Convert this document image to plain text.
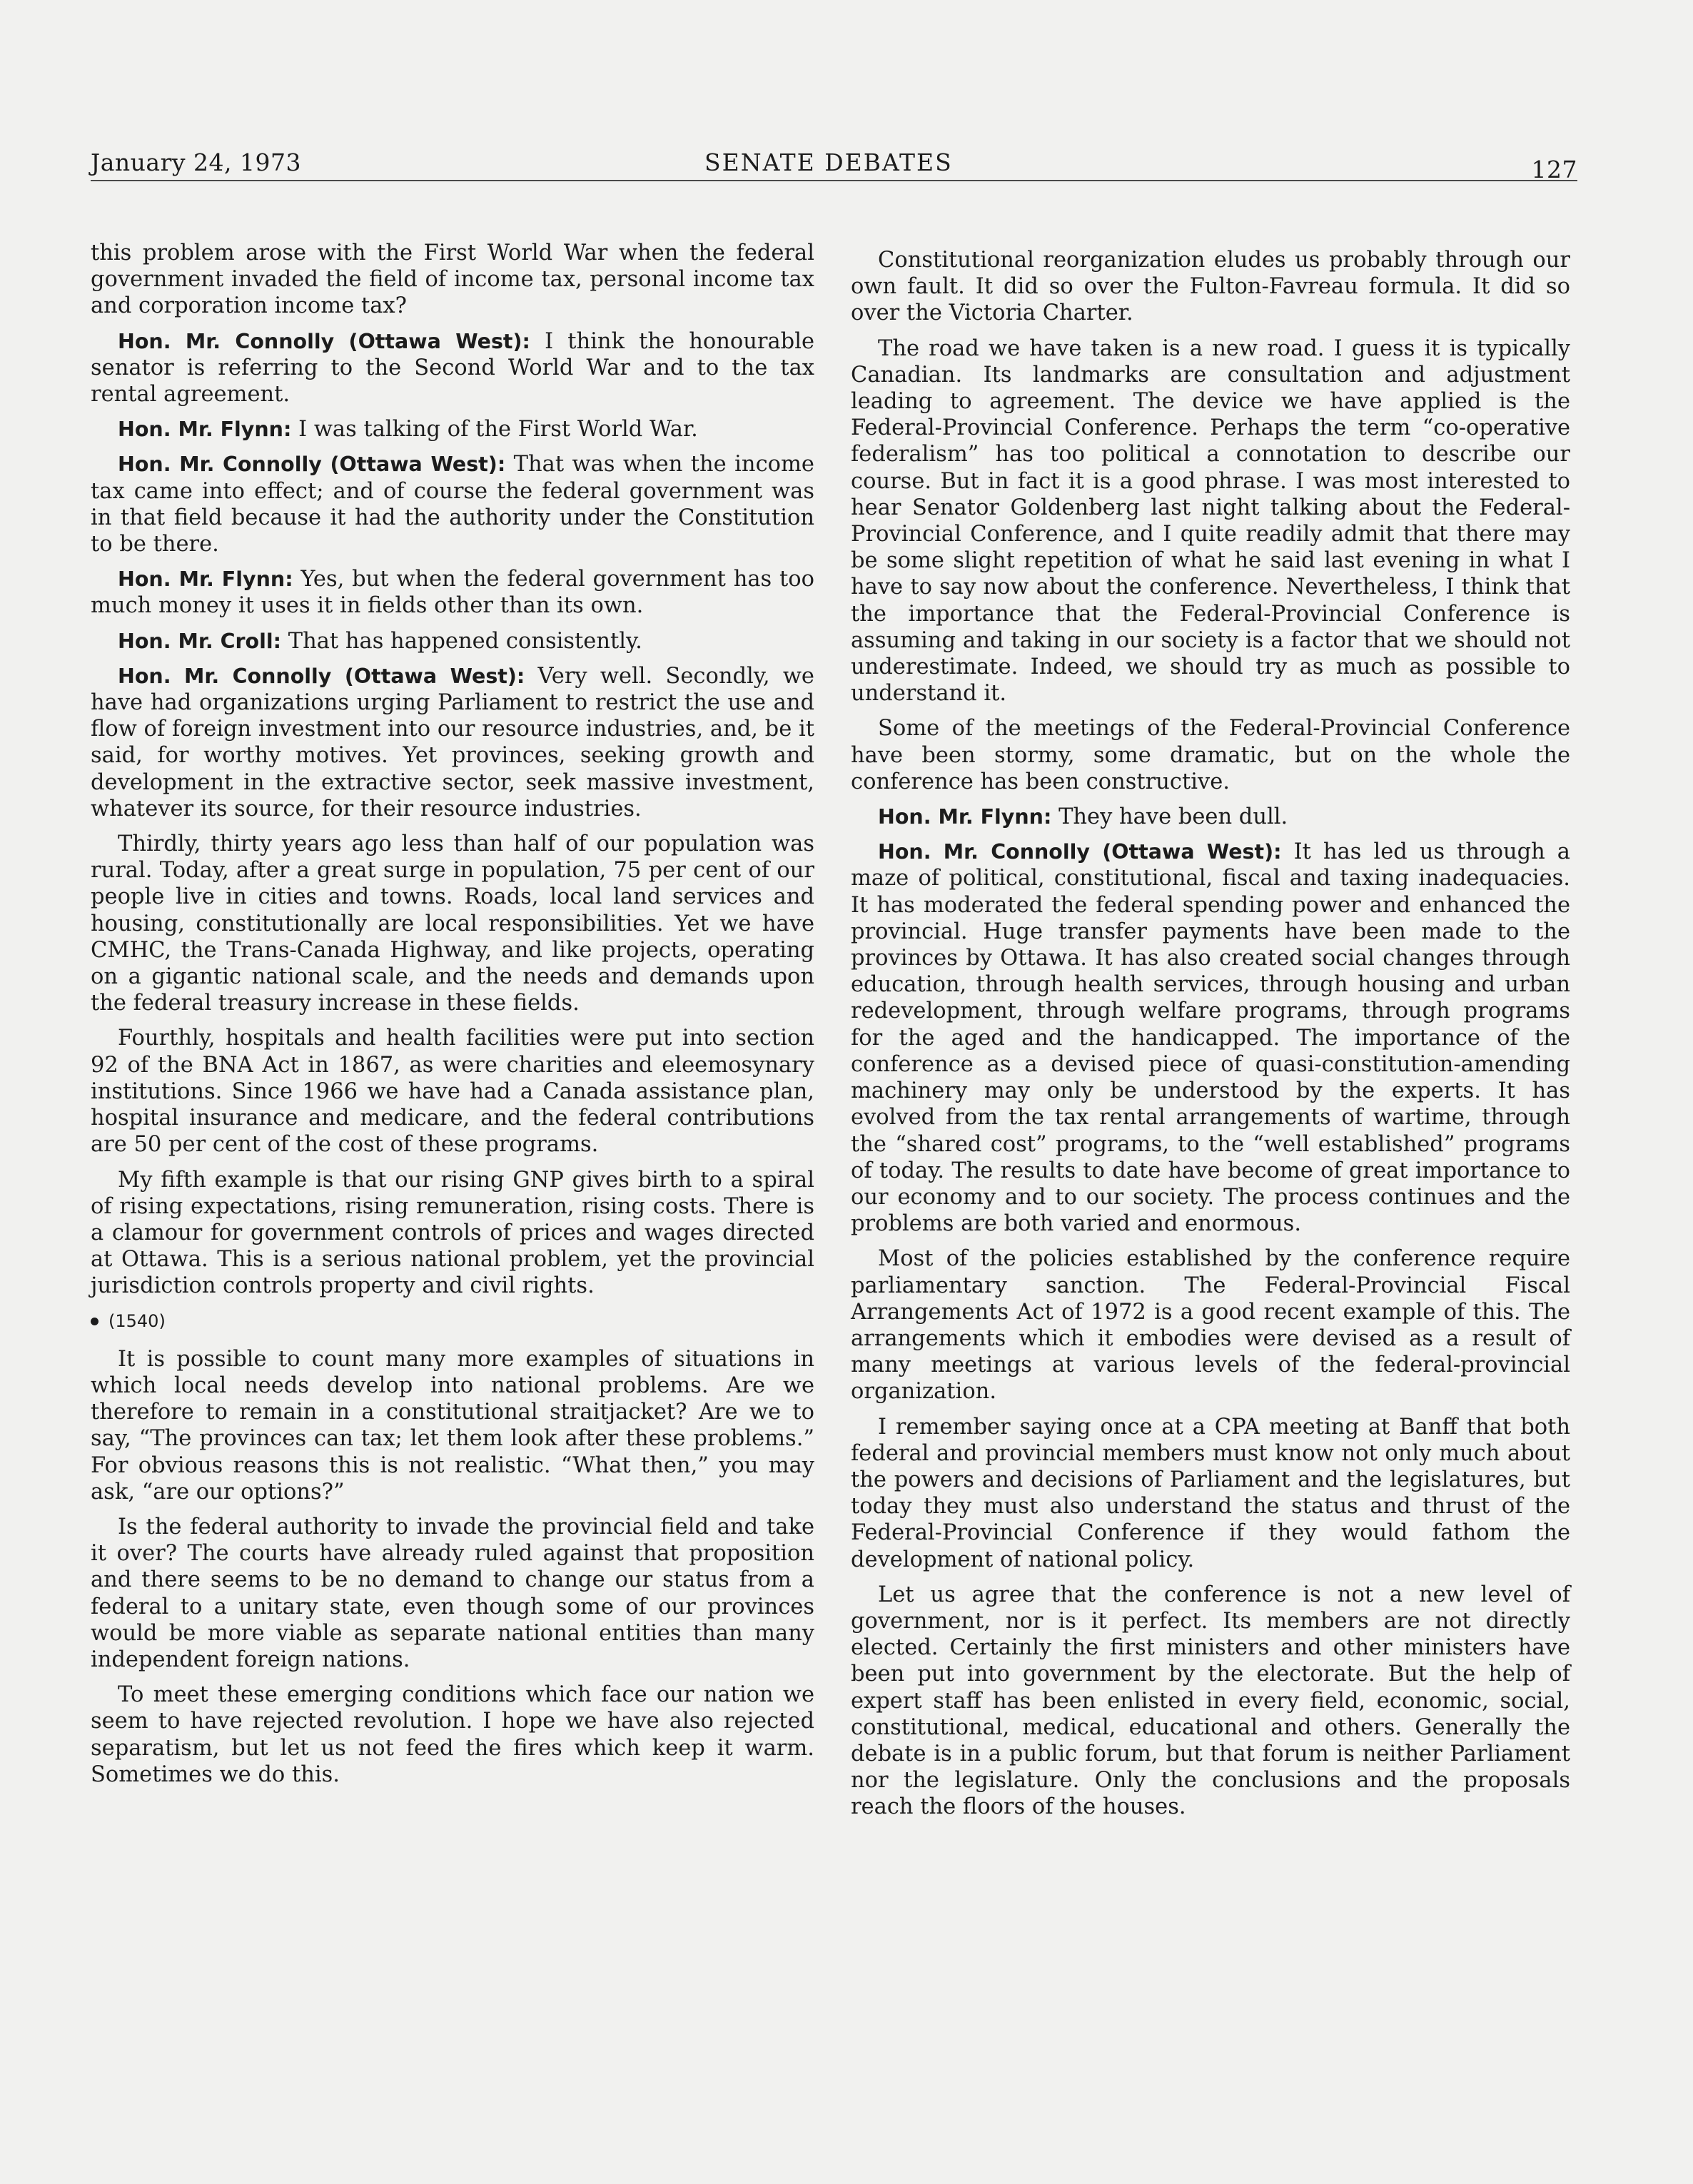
January 24, 1973	SENATE DEBATES	127

this problem arose with the First World War when the federal government invaded the field of income tax, personal income tax and corporation income tax?

Hon. Mr. Connolly (Ottawa West): I think the honourable senator is referring to the Second World War and to the tax rental agreement.

Hon. Mr. Flynn: I was talking of the First World War.

Hon. Mr. Connolly (Ottawa West): That was when the income tax came into effect; and of course the federal government was in that field because it had the authority under the Constitution to be there.

Hon. Mr. Flynn: Yes, but when the federal government has too much money it uses it in fields other than its own.

Hon. Mr. Croll: That has happened consistently.

Hon. Mr. Connolly (Ottawa West): Very well. Secondly, we have had organizations urging Parliament to restrict the use and flow of foreign investment into our resource industries, and, be it said, for worthy motives. Yet provinces, seeking growth and development in the extractive sector, seek massive investment, whatever its source, for their resource industries.

Thirdly, thirty years ago less than half of our population was rural. Today, after a great surge in population, 75 per cent of our people live in cities and towns. Roads, local land services and housing, constitutionally are local responsibilities. Yet we have CMHC, the Trans-Canada Highway, and like projects, operating on a gigantic national scale, and the needs and demands upon the federal treasury increase in these fields.

Fourthly, hospitals and health facilities were put into section 92 of the BNA Act in 1867, as were charities and eleemosynary institutions. Since 1966 we have had a Canada assistance plan, hospital insurance and medicare, and the federal contributions are 50 per cent of the cost of these programs.

My fifth example is that our rising GNP gives birth to a spiral of rising expectations, rising remuneration, rising costs. There is a clamour for government controls of prices and wages directed at Ottawa. This is a serious national problem, yet the provincial jurisdiction controls property and civil rights.

(1540)

It is possible to count many more examples of situations in which local needs develop into national problems. Are we therefore to remain in a constitutional straitjacket? Are we to say, “The provinces can tax; let them look after these problems.” For obvious reasons this is not realistic. “What then,” you may ask, “are our options?”

Is the federal authority to invade the provincial field and take it over? The courts have already ruled against that proposition and there seems to be no demand to change our status from a federal to a unitary state, even though some of our provinces would be more viable as separate national entities than many independent foreign nations.

To meet these emerging conditions which face our nation we seem to have rejected revolution. I hope we have also rejected separatism, but let us not feed the fires which keep it warm. Sometimes we do this.

Constitutional reorganization eludes us probably through our own fault. It did so over the Fulton-Favreau formula. It did so over the Victoria Charter.

The road we have taken is a new road. I guess it is typically Canadian. Its landmarks are consultation and adjustment leading to agreement. The device we have applied is the Federal-Provincial Conference. Perhaps the term “co-operative federalism” has too political a connotation to describe our course. But in fact it is a good phrase. I was most interested to hear Senator Goldenberg last night talking about the Federal-Provincial Conference, and I quite readily admit that there may be some slight repetition of what he said last evening in what I have to say now about the conference. Nevertheless, I think that the importance that the Federal-Provincial Conference is assuming and taking in our society is a factor that we should not underestimate. Indeed, we should try as much as possible to understand it.

Some of the meetings of the Federal-Provincial Conference have been stormy, some dramatic, but on the whole the conference has been constructive.

Hon. Mr. Flynn: They have been dull.

Hon. Mr. Connolly (Ottawa West): It has led us through a maze of political, constitutional, fiscal and taxing inadequacies. It has moderated the federal spending power and enhanced the provincial. Huge transfer payments have been made to the provinces by Ottawa. It has also created social changes through education, through health services, through housing and urban redevelopment, through welfare programs, through programs for the aged and the handicapped. The importance of the conference as a devised piece of quasi-constitution-amending machinery may only be understood by the experts. It has evolved from the tax rental arrangements of wartime, through the “shared cost” programs, to the “well established” programs of today. The results to date have become of great importance to our economy and to our society. The process continues and the problems are both varied and enormous.

Most of the policies established by the conference require parliamentary sanction. The Federal-Provincial Fiscal Arrangements Act of 1972 is a good recent example of this. The arrangements which it embodies were devised as a result of many meetings at various levels of the federal-provincial organization.

I remember saying once at a CPA meeting at Banff that both federal and provincial members must know not only much about the powers and decisions of Parliament and the legislatures, but today they must also understand the status and thrust of the Federal-Provincial Conference if they would fathom the development of national policy.

Let us agree that the conference is not a new level of government, nor is it perfect. Its members are not directly elected. Certainly the first ministers and other ministers have been put into government by the electorate. But the help of expert staff has been enlisted in every field, economic, social, constitutional, medical, educational and others. Generally the debate is in a public forum, but that forum is neither Parliament nor the legislature. Only the conclusions and the proposals reach the floors of the houses.
